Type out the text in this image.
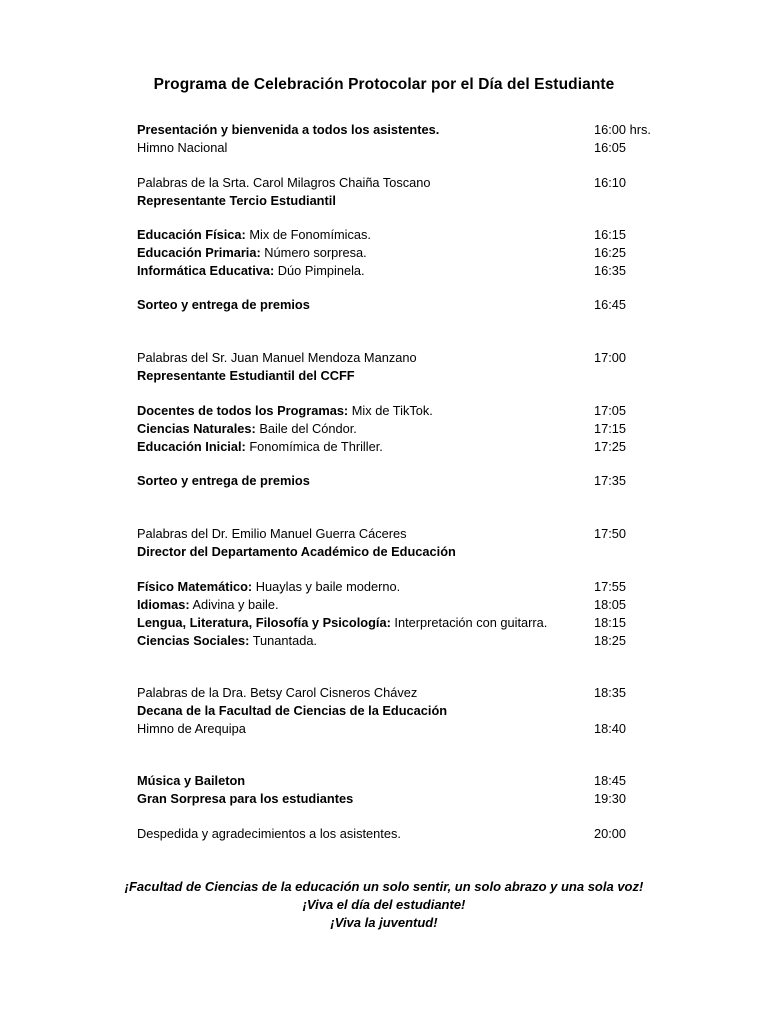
Programa de Celebración Protocolar por el Día del Estudiante
Presentación y bienvenida a todos los asistentes.	16:00 hrs.
Himno Nacional	16:05
Palabras de la Srta. Carol Milagros Chaiña Toscano	16:10
Representante Tercio Estudiantil
Educación Física: Mix de Fonomímicas.	16:15
Educación Primaria: Número sorpresa.	16:25
Informática Educativa: Dúo Pimpinela.	16:35
Sorteo y entrega de premios	16:45
Palabras del Sr. Juan Manuel Mendoza Manzano	17:00
Representante Estudiantil del CCFF
Docentes de todos los Programas: Mix de TikTok.	17:05
Ciencias Naturales: Baile del Cóndor.	17:15
Educación Inicial: Fonomímica de Thriller.	17:25
Sorteo y entrega de premios	17:35
Palabras del Dr. Emilio Manuel Guerra Cáceres	17:50
Director del Departamento Académico de Educación
Físico Matemático: Huaylas y baile moderno.	17:55
Idiomas: Adivina y baile.	18:05
Lengua, Literatura, Filosofía y Psicología: Interpretación con guitarra.	18:15
Ciencias Sociales: Tunantada.	18:25
Palabras de la Dra. Betsy Carol Cisneros Chávez	18:35
Decana de la Facultad de Ciencias de la Educación
Himno de Arequipa	18:40
Música y Baileton	18:45
Gran Sorpresa para los estudiantes	19:30
Despedida y agradecimientos a los asistentes.	20:00
¡Facultad de Ciencias de la educación un solo sentir, un solo abrazo y una sola voz!
¡Viva el día del estudiante!
¡Viva la juventud!
